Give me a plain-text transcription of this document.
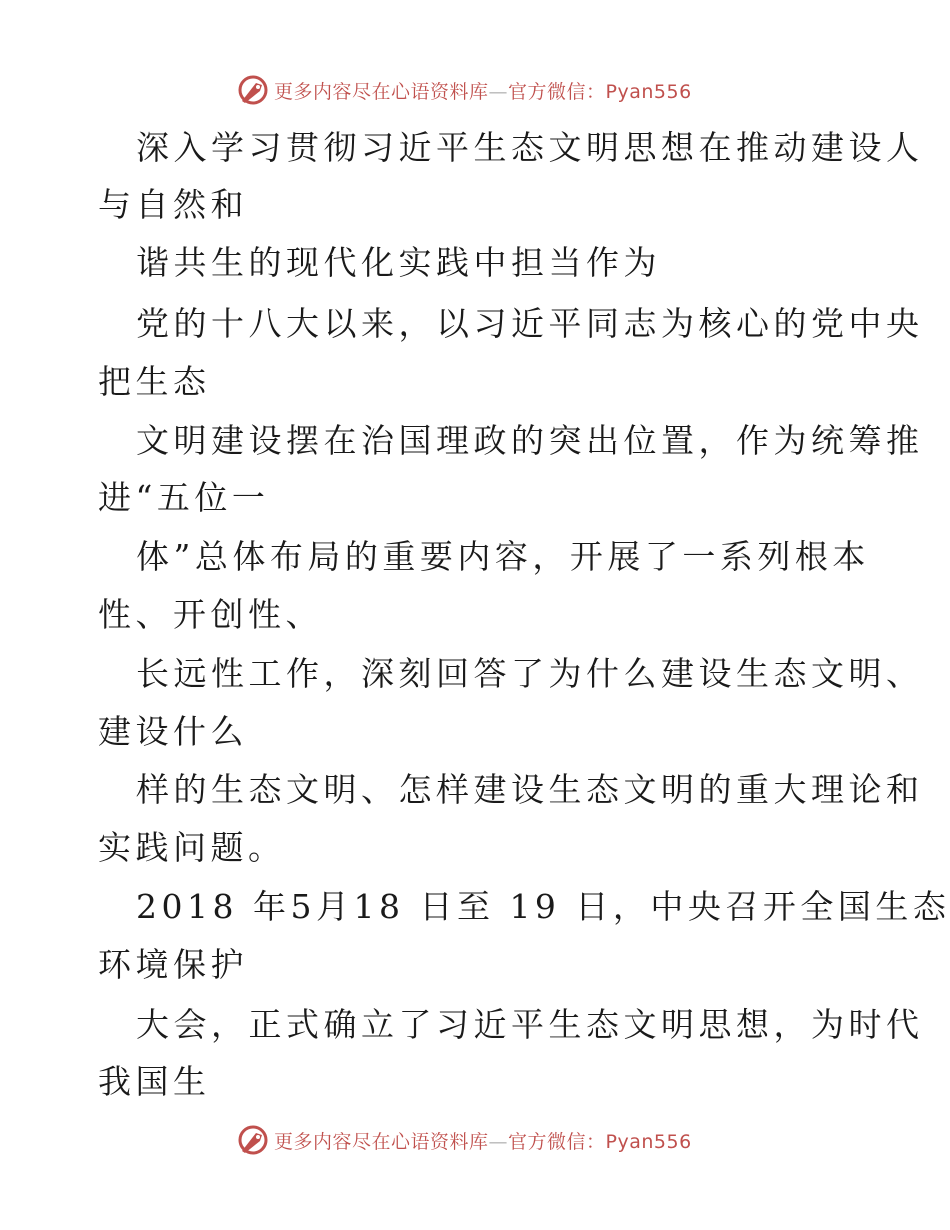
更多内容尽在心语资料库—官方微信：Pyan556
深入学习贯彻习近平生态文明思想在推动建设人
与自然和
谐共生的现代化实践中担当作为
党的十八大以来，以习近平同志为核心的党中央
把生态
文明建设摆在治国理政的突出位置，作为统筹推
进“五位一
体”总体布局的重要内容，开展了一系列根本
性、开创性、
长远性工作，深刻回答了为什么建设生态文明、
建设什么
样的生态文明、怎样建设生态文明的重大理论和
实践问题。
2018 年5月18 日至 19 日，中央召开全国生态
环境保护
大会，正式确立了习近平生态文明思想，为时代
我国生
更多内容尽在心语资料库—官方微信：Pyan556
